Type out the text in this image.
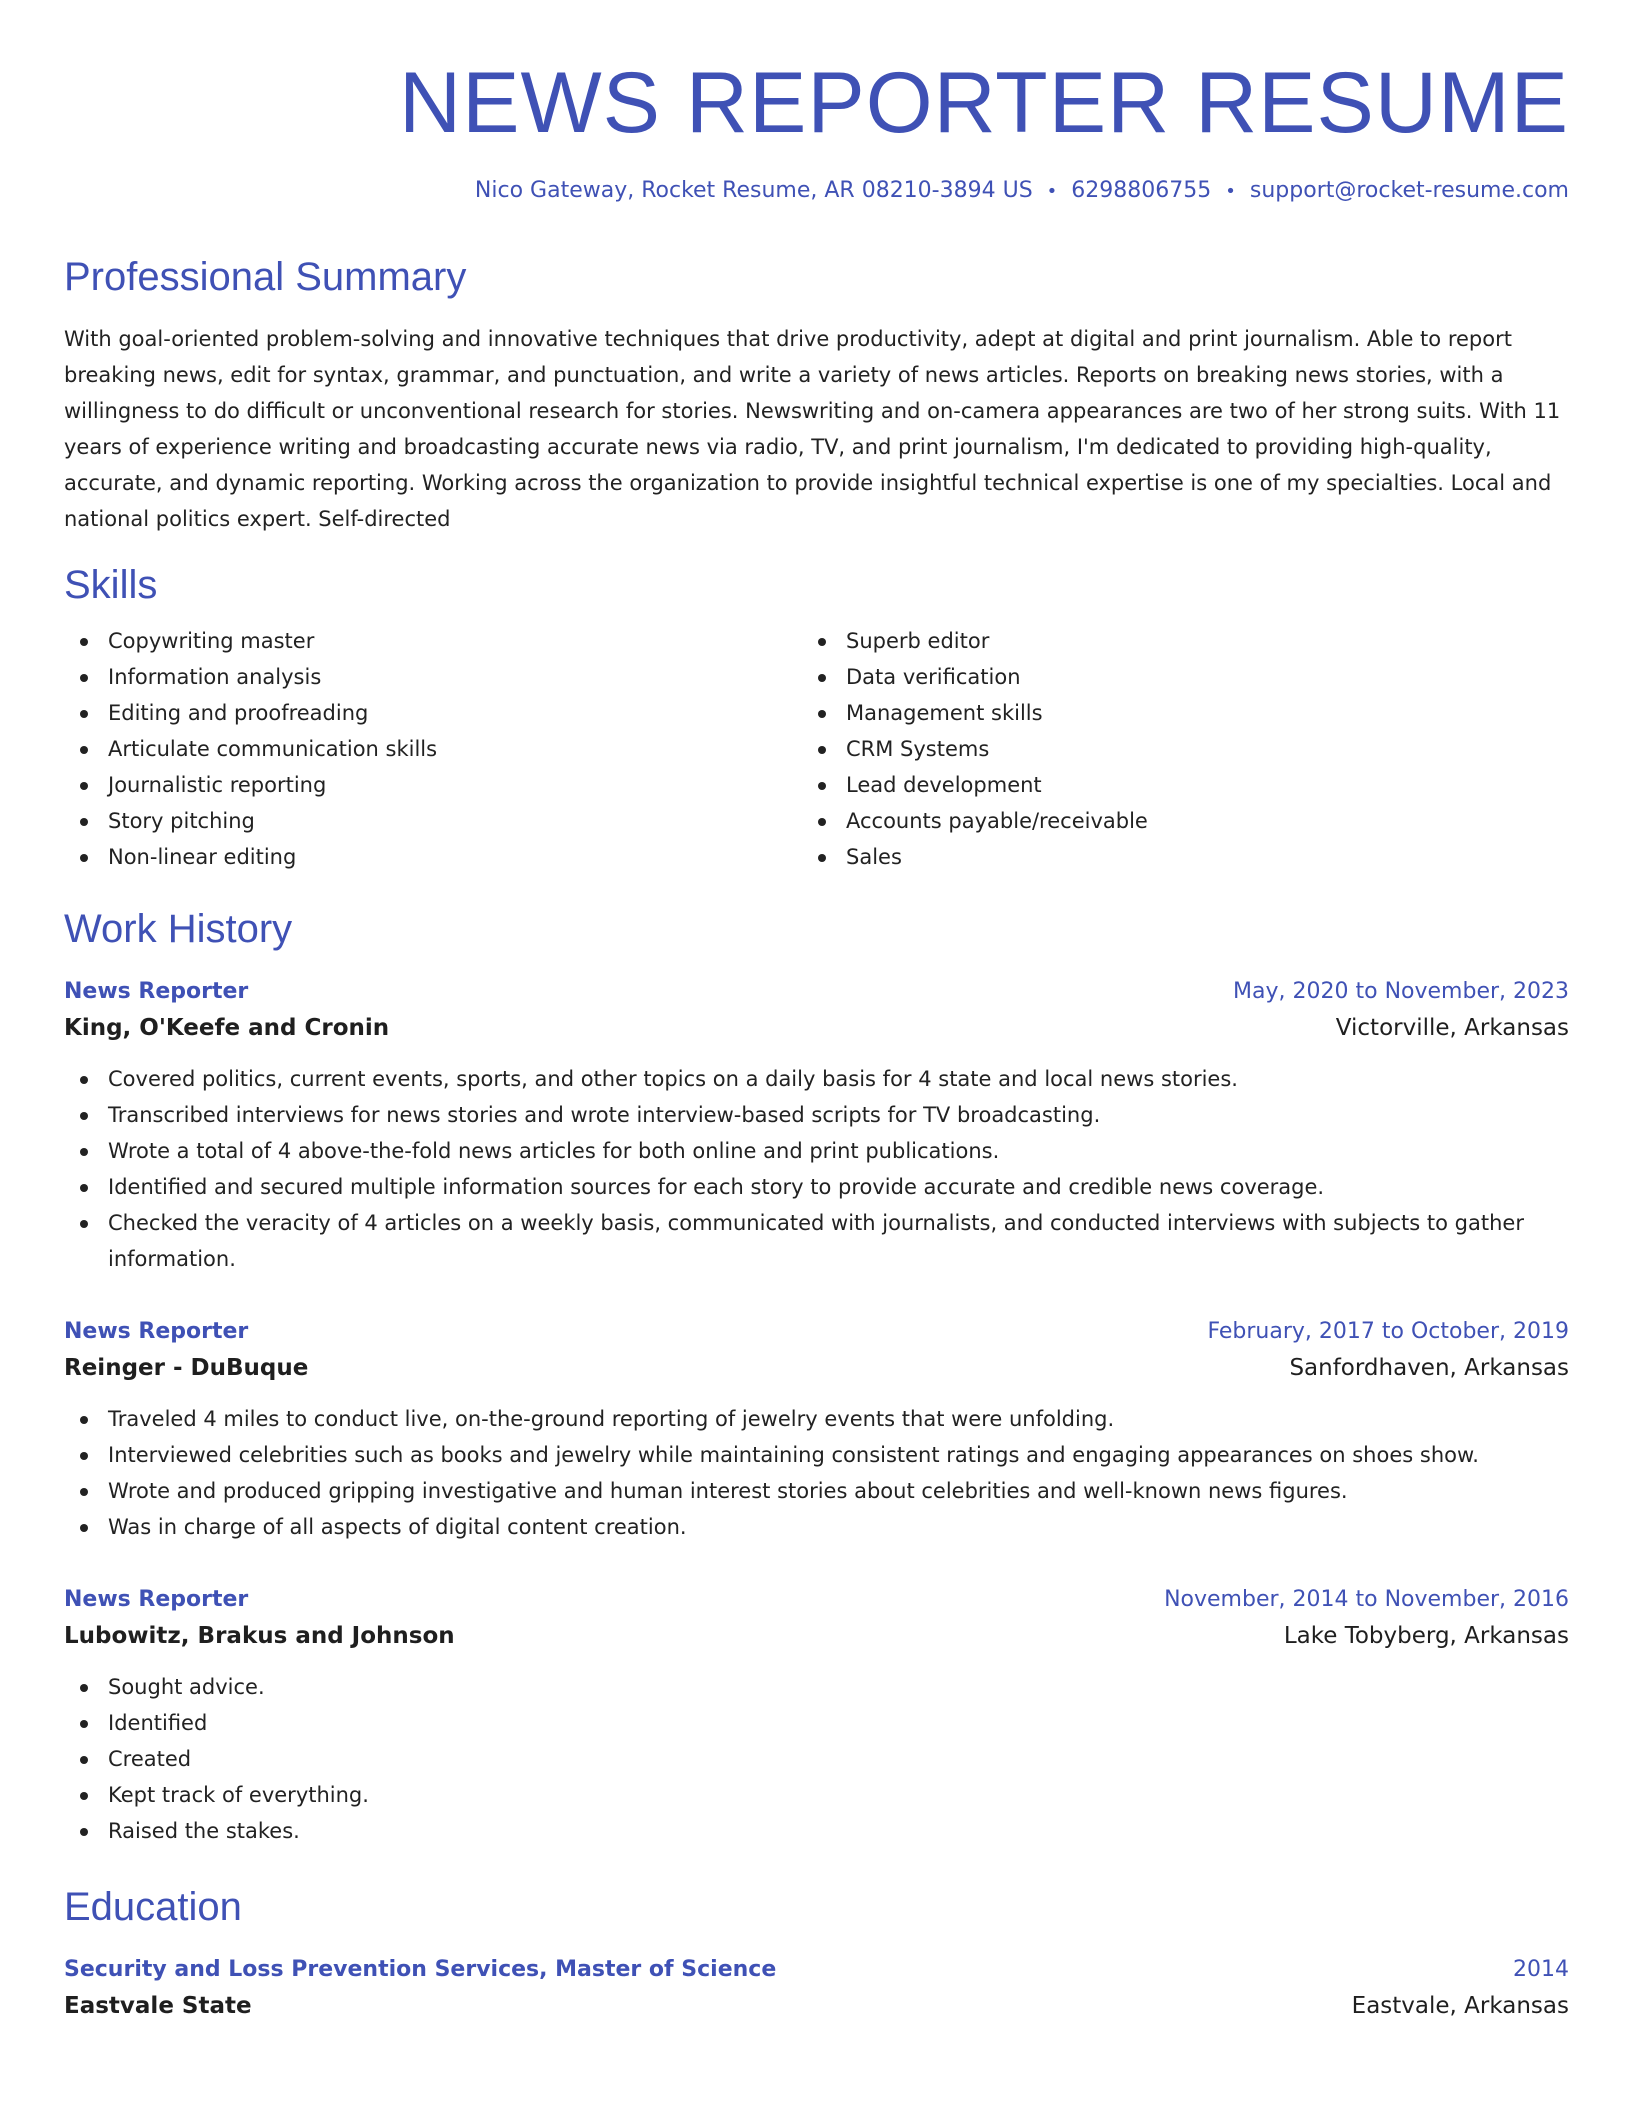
NEWS REPORTER RESUME
Nico Gateway, Rocket Resume, AR 08210-3894 US • 6298806755 • support@rocket-resume.com
Professional Summary

With goal-oriented problem-solving and innovative techniques that drive productivity, adept at digital and print journalism. Able to report breaking news, edit for syntax, grammar, and punctuation, and write a variety of news articles. Reports on breaking news stories, with a willingness to do difficult or unconventional research for stories. Newswriting and on-camera appearances are two of her strong suits. With 11 years of experience writing and broadcasting accurate news via radio, TV, and print journalism, I'm dedicated to providing high-quality, accurate, and dynamic reporting. Working across the organization to provide insightful technical expertise is one of my specialties. Local and national politics expert. Self-directed

Skills
Copywriting master
Information analysis
Editing and proofreading
Articulate communication skills
Journalistic reporting
Story pitching
Non-linear editing
Superb editor
Data verification
Management skills
CRM Systems
Lead development
Accounts payable/receivable
Sales
Work History
News Reporter	May, 2020 to November, 2023
King, O'Keefe and Cronin	Victorville, Arkansas
Covered politics, current events, sports, and other topics on a daily basis for 4 state and local news stories.
Transcribed interviews for news stories and wrote interview-based scripts for TV broadcasting.
Wrote a total of 4 above-the-fold news articles for both online and print publications.
Identified and secured multiple information sources for each story to provide accurate and credible news coverage.
Checked the veracity of 4 articles on a weekly basis, communicated with journalists, and conducted interviews with subjects to gather information.
News Reporter	February, 2017 to October, 2019
Reinger - DuBuque	Sanfordhaven, Arkansas
Traveled 4 miles to conduct live, on-the-ground reporting of jewelry events that were unfolding.
Interviewed celebrities such as books and jewelry while maintaining consistent ratings and engaging appearances on shoes show.
Wrote and produced gripping investigative and human interest stories about celebrities and well-known news figures.
Was in charge of all aspects of digital content creation.
News Reporter	November, 2014 to November, 2016
Lubowitz, Brakus and Johnson	Lake Tobyberg, Arkansas
Sought advice.
Identified
Created
Kept track of everything.
Raised the stakes.
Education
Security and Loss Prevention Services, Master of Science	2014
Eastvale State	Eastvale, Arkansas
